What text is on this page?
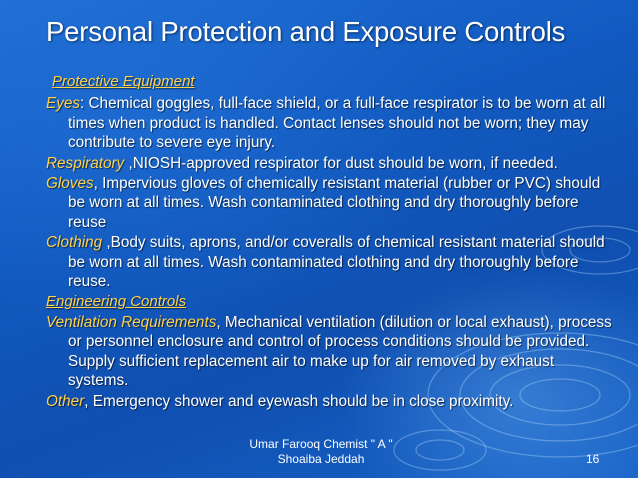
Personal Protection and Exposure Controls
Protective Equipment
Eyes: Chemical goggles, full-face shield, or a full-face respirator is to be worn at all times when product is handled. Contact lenses should not be worn; they may contribute to severe eye injury.
Respiratory ,NIOSH-approved respirator for dust should be worn, if needed.
Gloves, Impervious gloves of chemically resistant material (rubber or PVC) should be worn at all times. Wash contaminated clothing and dry thoroughly before reuse
Clothing ,Body suits, aprons, and/or coveralls of chemical resistant material should be worn at all times. Wash contaminated clothing and dry thoroughly before reuse.
Engineering Controls
Ventilation Requirements, Mechanical ventilation (dilution or local exhaust), process or personnel enclosure and control of process conditions should be provided. Supply sufficient replacement air to make up for air removed by exhaust systems.
Other, Emergency shower and eyewash should be in close proximity.
Umar Farooq Chemist " A "
Shoaiba Jeddah	16
